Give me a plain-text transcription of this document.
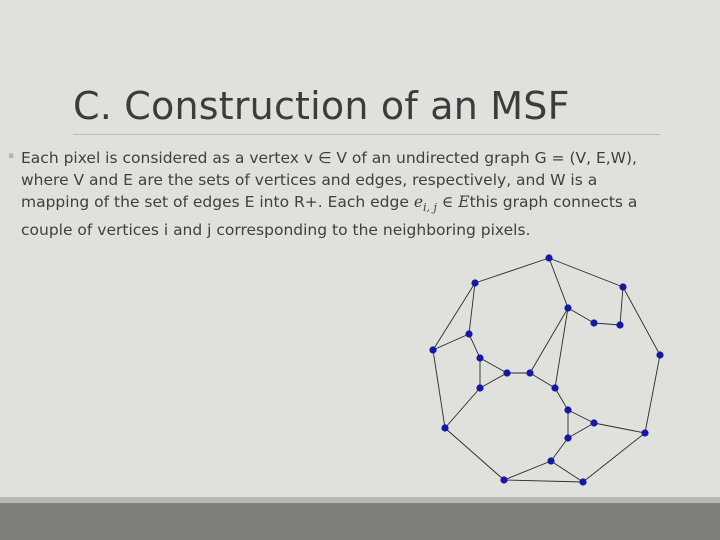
C. Construction of an MSF
▪ Each pixel is considered as a vertex v ∈ V of an undirected graph G = (V, E,W), where V and E are the sets of vertices and edges, respectively, and W is a mapping of the set of edges E into R+. Each edge $e_{i, j}$ ∈ Ethis graph connects a couple of vertices i and j corresponding to the neighboring pixels.
